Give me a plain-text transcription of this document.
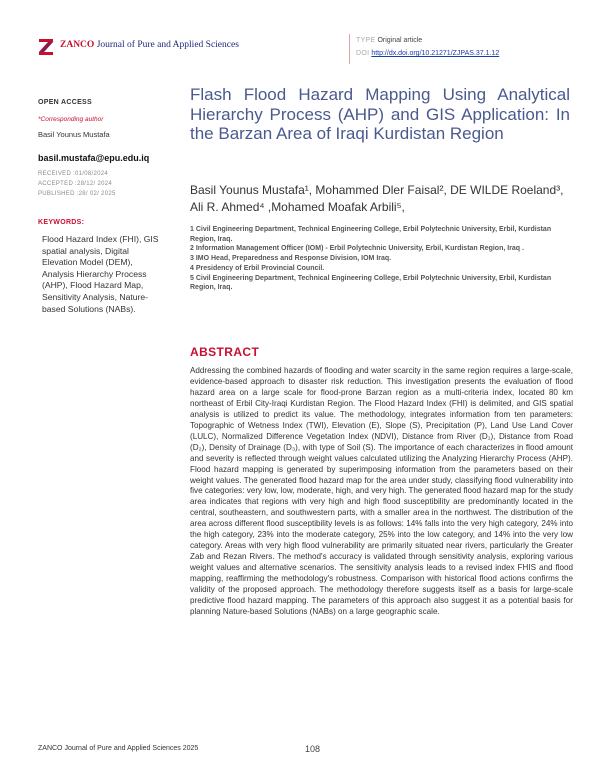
ZANCO Journal of Pure and Applied Sciences	TYPE Original article
DOI http://dx.doi.org/10.21271/ZJPAS.37.1.12
OPEN ACCESS
*Corresponding author
Basil Younus Mustafa
basil.mustafa@epu.edu.iq
RECEIVED :01/08/2024
ACCEPTED :28/12/ 2024
PUBLISHED :28/ 02/ 2025
KEYWORDS:
Flood Hazard Index (FHI), GIS spatial analysis, Digital Elevation Model (DEM), Analysis Hierarchy Process (AHP), Flood Hazard Map, Sensitivity Analysis, Nature-based Solutions (NABs).
Flash Flood Hazard Mapping Using Analytical Hierarchy Process (AHP) and GIS Application: In the Barzan Area of Iraqi Kurdistan Region
Basil Younus Mustafa¹, Mohammed Dler Faisal², DE WILDE Roeland³, Ali R. Ahmed⁴ ,Mohamed Moafak Arbili⁵,
1 Civil Engineering Department, Technical Engineering College, Erbil Polytechnic University, Erbil, Kurdistan Region, Iraq.
2 Information Management Officer (IOM) - Erbil Polytechnic University, Erbil, Kurdistan Region, Iraq .
3 IMO Head, Preparedness and Response Division, IOM Iraq.
4 Presidency of Erbil Provincial Council.
5 Civil Engineering Department, Technical Engineering College, Erbil Polytechnic University, Erbil, Kurdistan Region, Iraq.
ABSTRACT
Addressing the combined hazards of flooding and water scarcity in the same region requires a large-scale, evidence-based approach to disaster risk reduction. This investigation presents the evaluation of flood hazard area on a large scale for flood-prone Barzan region as a multi-criteria index, located 80 km northeast of Erbil City-Iraqi Kurdistan Region. The Flood Hazard Index (FHI) is delimited, and GIS spatial analysis is utilized to predict its value. The methodology, integrates information from ten parameters: Topographic of Wetness Index (TWI), Elevation (E), Slope (S), Precipitation (P), Land Use Land Cover (LULC), Normalized Difference Vegetation Index (NDVI), Distance from River (D₁), Distance from Road (D₂), Density of Drainage (D₃), with type of Soil (S). The importance of each characterizes in flood amount and severity is reflected through weight values calculated utilizing the Analyzing Hierarchy Process (AHP). Flood hazard mapping is generated by superimposing information from the parameters based on their weight values. The generated flood hazard map for the area under study, classifying flood vulnerability into five categories: very low, low, moderate, high, and very high. The generated flood hazard map for the study area indicates that regions with very high and high flood susceptibility are predominantly located in the central, southeastern, and southwestern parts, with a smaller area in the northwest. The distribution of the area across different flood susceptibility levels is as follows: 14% falls into the very high category, 24% into the high category, 23% into the moderate category, 25% into the low category, and 14% into the very low category. Areas with very high flood vulnerability are primarily situated near rivers, particularly the Greater Zab and Rezan Rivers. The method's accuracy is validated through sensitivity analysis, exploring various weight values and alternative scenarios. The sensitivity analysis leads to a revised index FHIS and flood mapping, reaffirming the methodology's robustness. Comparison with historical flood actions confirms the validity of the proposed approach. The methodology therefore suggests itself as a basis for large-scale predictive flood hazard mapping. The parameters of this approach also suggest it as a potential basis for planning Nature-based Solutions (NABs) on a large geographic scale.
ZANCO Journal of Pure and Applied Sciences 2025	108
